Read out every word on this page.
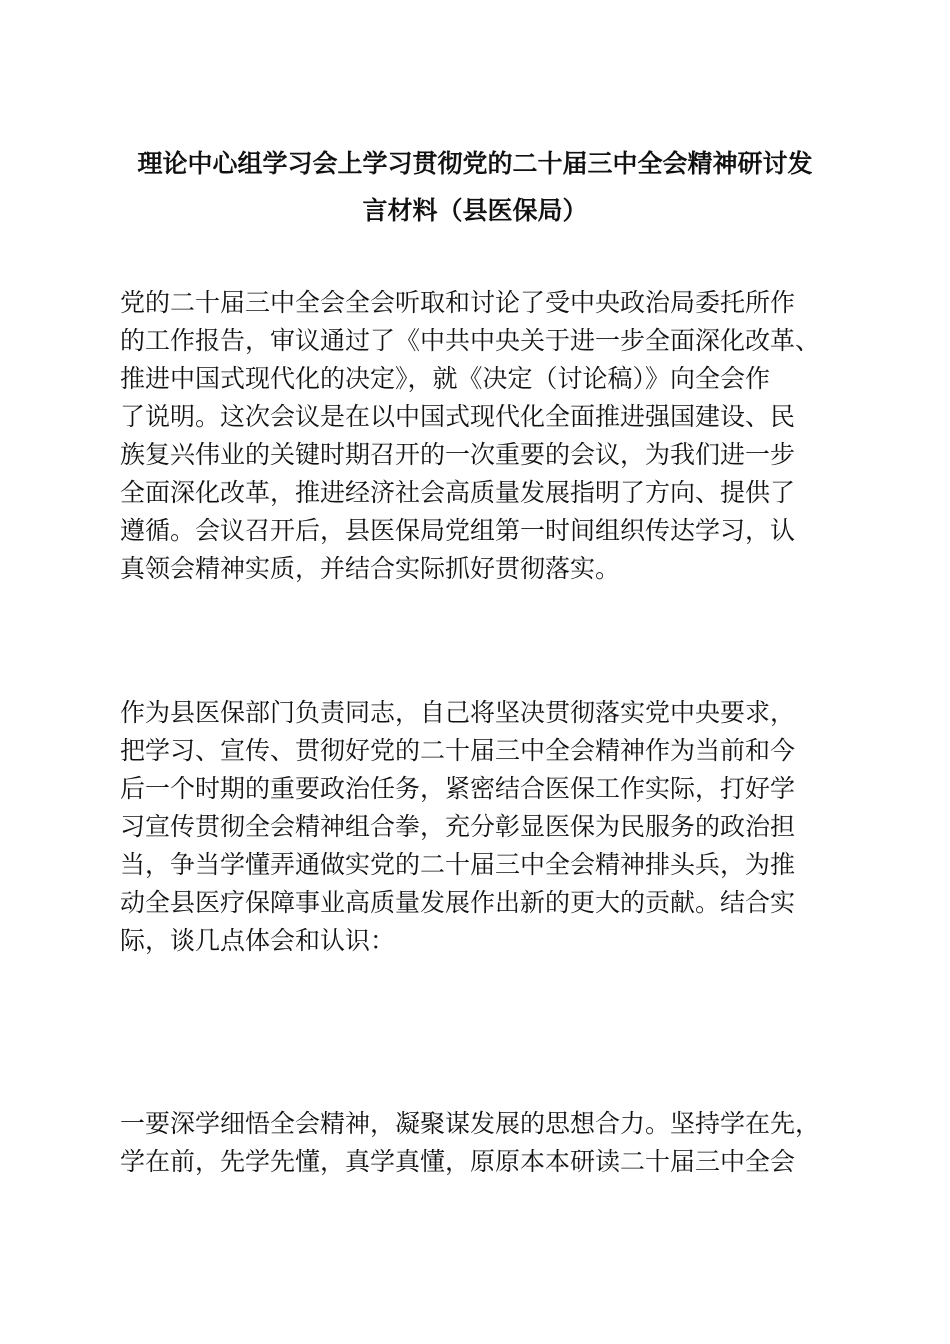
理论中心组学习会上学习贯彻党的二十届三中全会精神研讨发
言材料（县医保局）

党的二十届三中全会全会听取和讨论了受中央政治局委托所作
的工作报告，审议通过了《中共中央关于进一步全面深化改革、
推进中国式现代化的决定》，就《决定（讨论稿）》向全会作
了说明。这次会议是在以中国式现代化全面推进强国建设、民
族复兴伟业的关键时期召开的一次重要的会议，为我们进一步
全面深化改革，推进经济社会高质量发展指明了方向、提供了
遵循。会议召开后，县医保局党组第一时间组织传达学习，认
真领会精神实质，并结合实际抓好贯彻落实。

作为县医保部门负责同志，自己将坚决贯彻落实党中央要求，
把学习、宣传、贯彻好党的二十届三中全会精神作为当前和今
后一个时期的重要政治任务，紧密结合医保工作实际，打好学
习宣传贯彻全会精神组合拳，充分彰显医保为民服务的政治担
当，争当学懂弄通做实党的二十届三中全会精神排头兵，为推
动全县医疗保障事业高质量发展作出新的更大的贡献。结合实
际，谈几点体会和认识：

一要深学细悟全会精神，凝聚谋发展的思想合力。坚持学在先，
学在前，先学先懂，真学真懂，原原本本研读二十届三中全会
